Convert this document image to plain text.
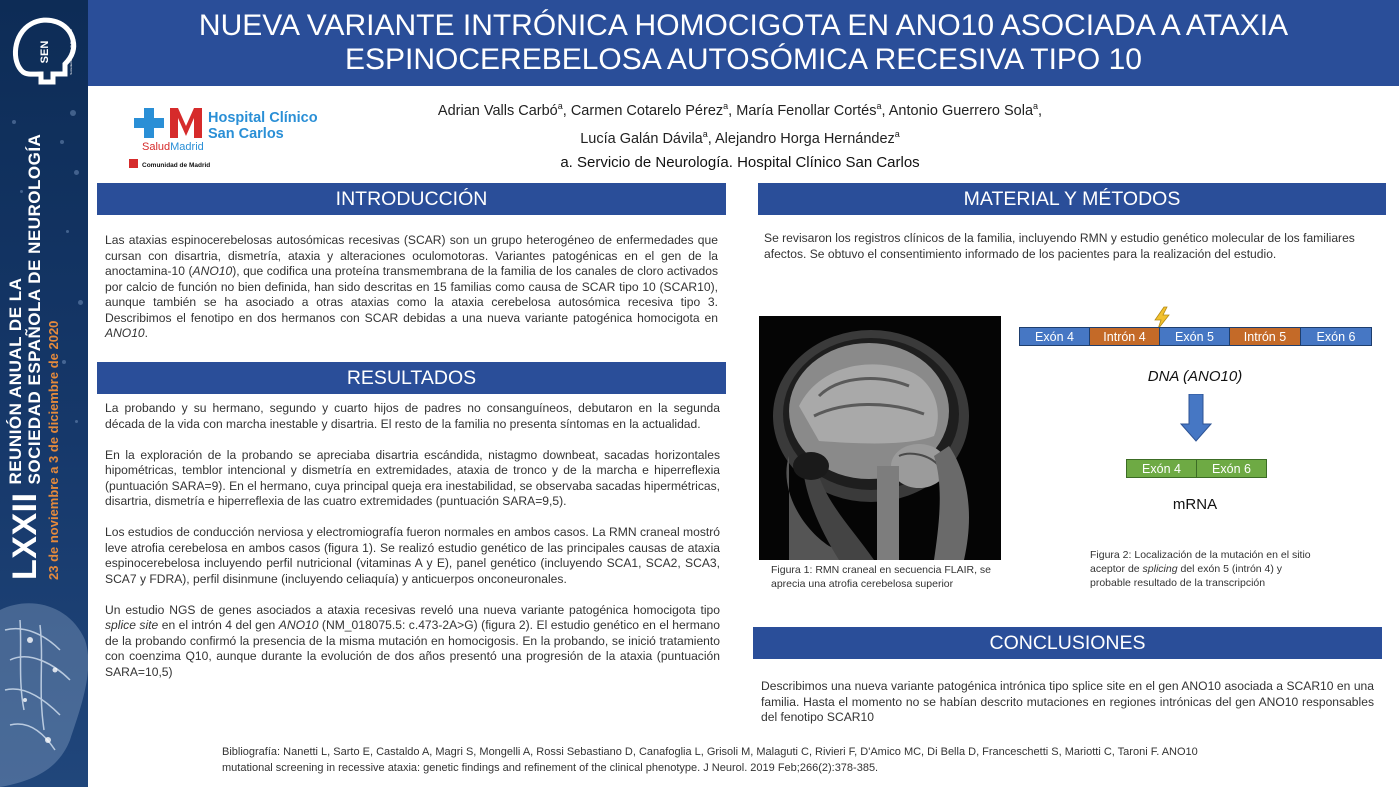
SEN	Sociedad Española de Neurología
LXXII
REUNIÓN ANUAL DE LA SOCIEDAD ESPAÑOLA DE NEUROLOGÍA 23 de noviembre a 3 de diciembre de 2020
NUEVA VARIANTE INTRÓNICA HOMOCIGOTA EN ANO10 ASOCIADA A ATAXIA
ESPINOCEREBELOSA AUTOSÓMICA RECESIVA TIPO 10
Hospital Clínico
San Carlos
SaludMadrid
Comunidad de Madrid
Adrian Valls Carbó$^a$, Carmen Cotarelo Pérez$^a$, María Fenollar Cortés$^a$, Antonio Guerrero Sola$^a$,
Lucía Galán Dávila$^a$, Alejandro Horga Hernández$^a$
a. Servicio de Neurología. Hospital Clínico San Carlos
INTRODUCCIÓN

Las ataxias espinocerebelosas autosómicas recesivas (SCAR) son un grupo heterogéneo de enfermedades que cursan con disartria, dismetría, ataxia y alteraciones oculomotoras. Variantes patogénicas en el gen de la anoctamina-10 (ANO10), que codifica una proteína transmembrana de la familia de los canales de cloro activados por calcio de función no bien definida, han sido descritas en 15 familias como causa de SCAR tipo 10 (SCAR10), aunque también se ha asociado a otras ataxias como la ataxia cerebelosa autosómica recesiva tipo 3. Describimos el fenotipo en dos hermanos con SCAR debidas a una nueva variante patogénica homocigota en ANO10.

RESULTADOS

La probando y su hermano, segundo y cuarto hijos de padres no consanguíneos, debutaron en la segunda década de la vida con marcha inestable y disartria. El resto de la familia no presenta síntomas en la actualidad.

En la exploración de la probando se apreciaba disartria escándida, nistagmo downbeat, sacadas horizontales hipométricas, temblor intencional y dismetría en extremidades, ataxia de tronco y de la marcha e hiperreflexia (puntuación SARA=9). En el hermano, cuya principal queja era inestabilidad, se observaba sacadas hipermétricas, disartria, dismetría e hiperreflexia de las cuatro extremidades (puntuación SARA=9,5).

Los estudios de conducción nerviosa y electromiografía fueron normales en ambos casos. La RMN craneal mostró leve atrofia cerebelosa en ambos casos (figura 1). Se realizó estudio genético de las principales causas de ataxia espinocerebelosa incluyendo perfil nutricional (vitaminas A y E), panel genético (incluyendo SCA1, SCA2, SCA3, SCA7 y FDRA), perfil disinmune (incluyendo celiaquía) y anticuerpos onconeuronales.

Un estudio NGS de genes asociados a ataxia recesivas reveló una nueva variante patogénica homocigota tipo splice site en el intrón 4 del gen ANO10 (NM_018075.5: c.473-2A>G) (figura 2). El estudio genético en el hermano de la probando confirmó la presencia de la misma mutación en homocigosis. En la probando, se inició tratamiento con coenzima Q10, aunque durante la evolución de dos años presentó una progresión de la ataxia (puntuación SARA=10,5)

MATERIAL Y MÉTODOS

Se revisaron los registros clínicos de la familia, incluyendo RMN y estudio genético molecular de los familiares afectos. Se obtuvo el consentimiento informado de los pacientes para la realización del estudio.

Figura 1: RMN craneal en secuencia FLAIR, se aprecia una atrofia cerebelosa superior
Exón 4	Intrón 4	Exón 5	Intrón 5	Exón 6
DNA (ANO10)
Exón 4	Exón 6
mRNA
Figura 2: Localización de la mutación en el sitio aceptor de splicing del exón 5 (intrón 4) y probable resultado de la transcripción
CONCLUSIONES

Describimos una nueva variante patogénica intrónica tipo splice site en el gen ANO10 asociada a SCAR10 en una familia. Hasta el momento no se habían descrito mutaciones en regiones intrónicas del gen ANO10 responsables del fenotipo SCAR10

Bibliografía: Nanetti L, Sarto E, Castaldo A, Magri S, Mongelli A, Rossi Sebastiano D, Canafoglia L, Grisoli M, Malaguti C, Rivieri F, D'Amico MC, Di Bella D, Franceschetti S, Mariotti C, Taroni F. ANO10 mutational screening in recessive ataxia: genetic findings and refinement of the clinical phenotype. J Neurol. 2019 Feb;266(2):378-385.
